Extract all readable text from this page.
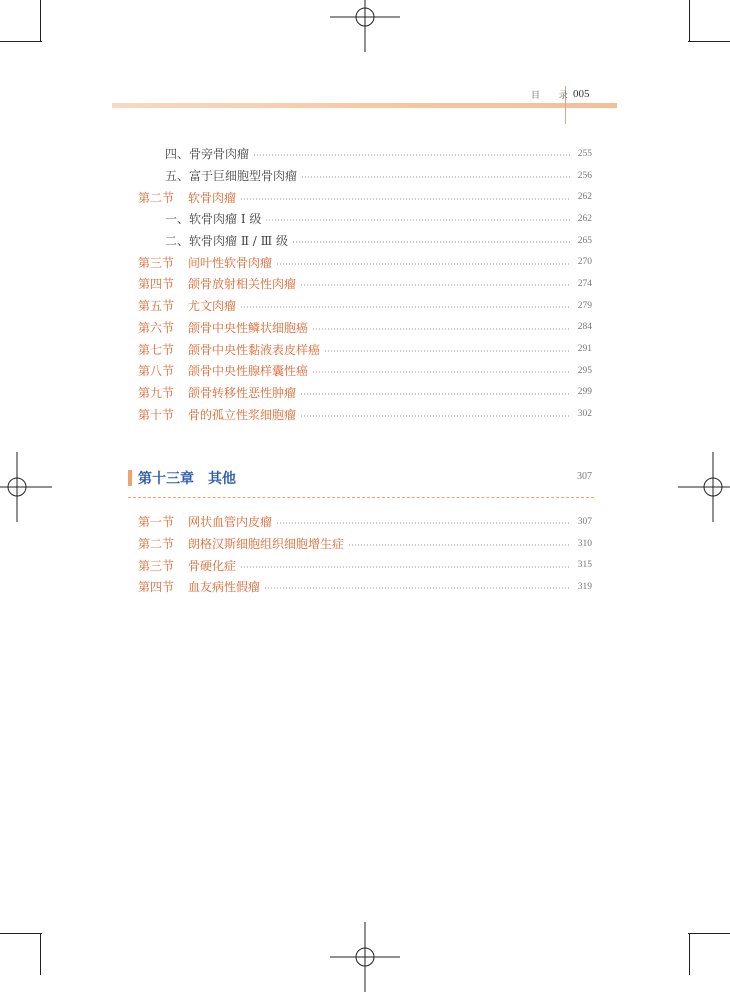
目 录
005
四、骨旁骨肉瘤	255
五、富于巨细胞型骨肉瘤	256
第二节	软骨肉瘤	262
一、软骨肉瘤 Ⅰ 级	262
二、软骨肉瘤 Ⅱ / Ⅲ 级	265
第三节	间叶性软骨肉瘤	270
第四节	颌骨放射相关性肉瘤	274
第五节	尤文肉瘤	279
第六节	颌骨中央性鳞状细胞癌	284
第七节	颌骨中央性黏液表皮样癌	291
第八节	颌骨中央性腺样囊性癌	295
第九节	颌骨转移性恶性肿瘤	299
第十节	骨的孤立性浆细胞瘤	302
第十三章　其他	307
第一节	网状血管内皮瘤	307
第二节	朗格汉斯细胞组织细胞增生症	310
第三节	骨硬化症	315
第四节	血友病性假瘤	319
